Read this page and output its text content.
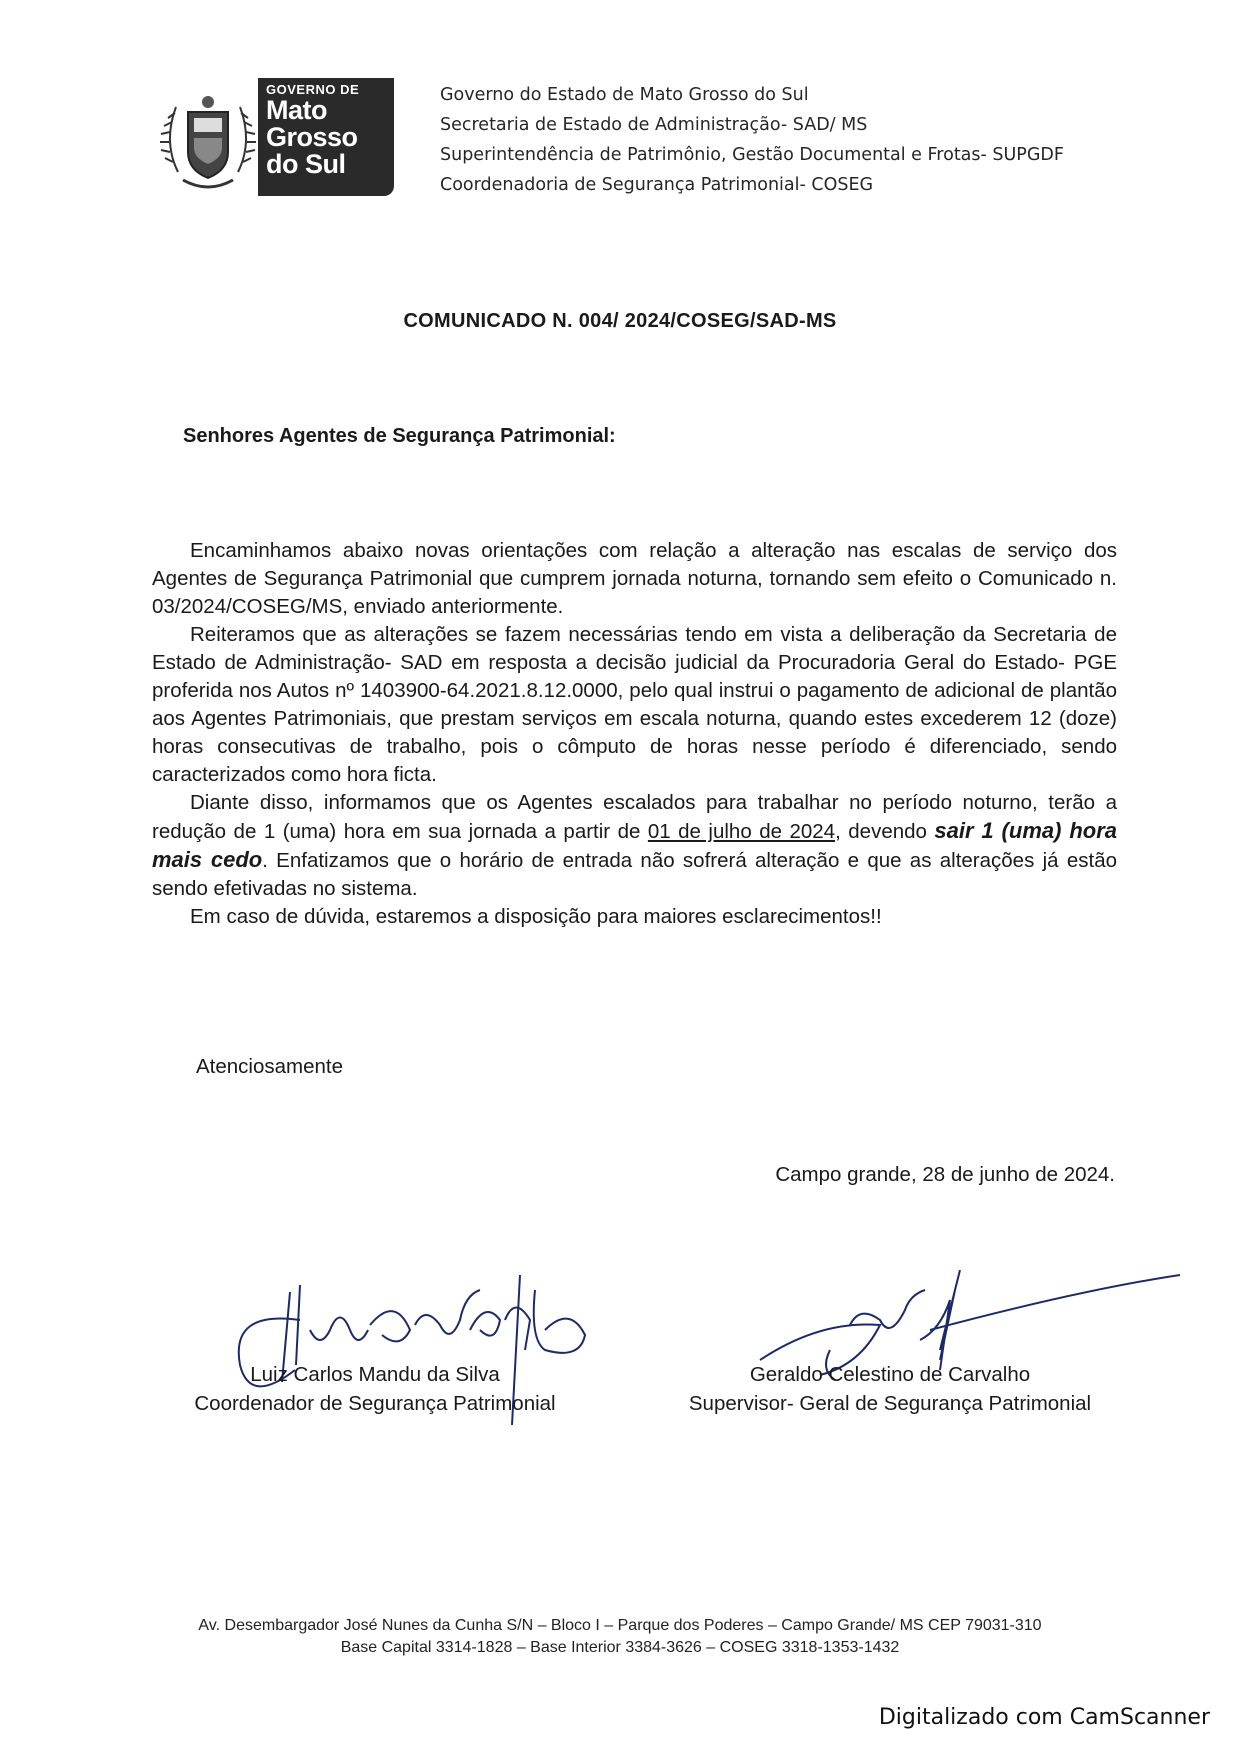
GOVERNO DE
Mato
Grosso
do Sul
Governo do Estado de Mato Grosso do Sul
Secretaria de Estado de Administração- SAD/ MS
Superintendência de Patrimônio, Gestão Documental e Frotas- SUPGDF
Coordenadoria de Segurança Patrimonial- COSEG
COMUNICADO N. 004/ 2024/COSEG/SAD-MS
Senhores Agentes de Segurança Patrimonial:

Encaminhamos abaixo novas orientações com relação a alteração nas escalas de serviço dos Agentes de Segurança Patrimonial que cumprem jornada noturna, tornando sem efeito o Comunicado n. 03/2024/COSEG/MS, enviado anteriormente.

Reiteramos que as alterações se fazem necessárias tendo em vista a deliberação da Secretaria de Estado de Administração- SAD em resposta a decisão judicial da Procuradoria Geral do Estado- PGE proferida nos Autos nº 1403900-64.2021.8.12.0000, pelo qual instrui o pagamento de adicional de plantão aos Agentes Patrimoniais, que prestam serviços em escala noturna, quando estes excederem 12 (doze) horas consecutivas de trabalho, pois o cômputo de horas nesse período é diferenciado, sendo caracterizados como hora ficta.

Diante disso, informamos que os Agentes escalados para trabalhar no período noturno, terão a redução de 1 (uma) hora em sua jornada a partir de 01 de julho de 2024, devendo sair 1 (uma) hora mais cedo. Enfatizamos que o horário de entrada não sofrerá alteração e que as alterações já estão sendo efetivadas no sistema.

Em caso de dúvida, estaremos a disposição para maiores esclarecimentos!!

Atenciosamente
Campo grande, 28 de junho de 2024.
Luiz Carlos Mandu da Silva
Coordenador de Segurança Patrimonial
Geraldo Celestino de Carvalho
Supervisor- Geral de Segurança Patrimonial
Av. Desembargador José Nunes da Cunha S/N – Bloco I – Parque dos Poderes – Campo Grande/ MS CEP 79031-310
Base Capital 3314-1828 – Base Interior 3384-3626 – COSEG 3318-1353-1432
Digitalizado com CamScanner
